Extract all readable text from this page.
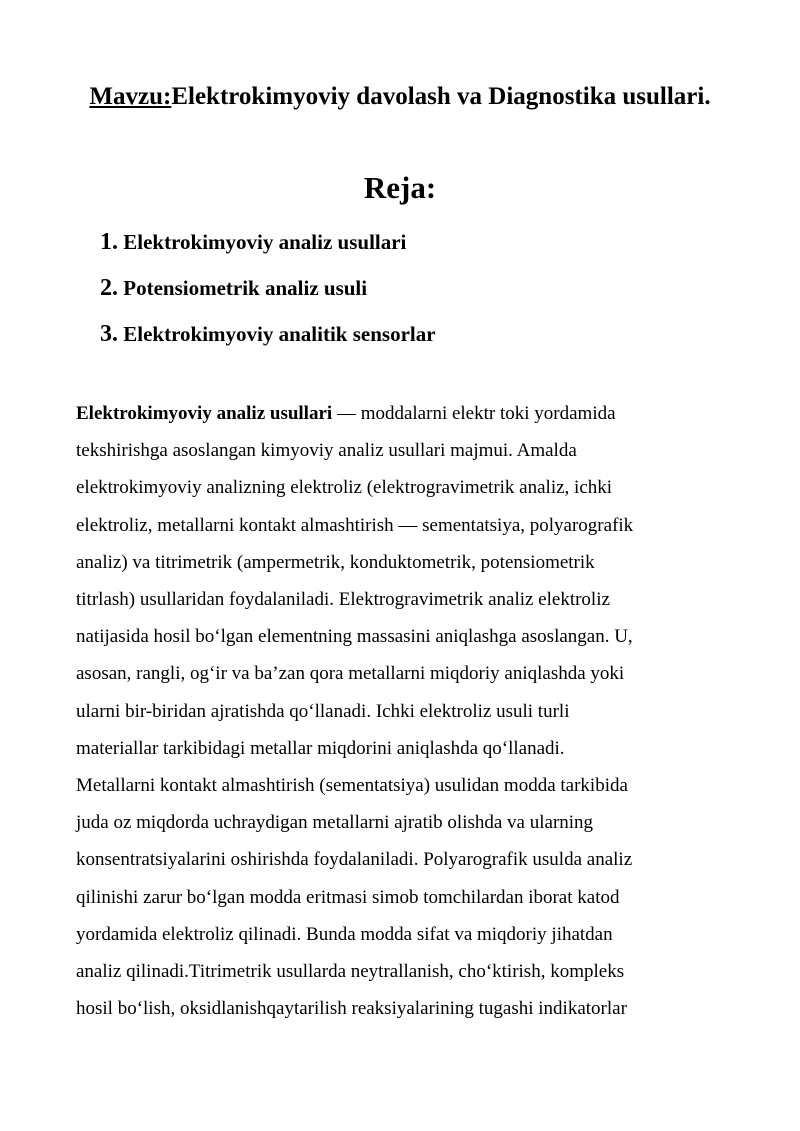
Mavzu:Elektrokimyoviy davolash va Diagnostika usullari.
Reja:
1. Elektrokimyoviy analiz usullari
2. Potensiometrik analiz usuli
3. Elektrokimyoviy analitik sensorlar
Elektrokimyoviy analiz usullari — moddalarni elektr toki yordamida
tekshirishga asoslangan kimyoviy analiz usullari majmui. Amalda
elektrokimyoviy analizning elektroliz (elektrogravimetrik analiz, ichki
elektroliz, metallarni kontakt almashtirish — sementatsiya, polyarografik
analiz) va titrimetrik (ampermetrik, konduktometrik, potensiometrik
titrlash) usullaridan foydalaniladi. Elektrogravimetrik analiz elektroliz
natijasida hosil bo‘lgan elementning massasini aniqlashga asoslangan. U,
asosan, rangli, og‘ir va ba’zan qora metallarni miqdoriy aniqlashda yoki
ularni bir-biridan ajratishda qo‘llanadi. Ichki elektroliz usuli turli
materiallar tarkibidagi metallar miqdorini aniqlashda qo‘llanadi.
Metallarni kontakt almashtirish (sementatsiya) usulidan modda tarkibida
juda oz miqdorda uchraydigan metallarni ajratib olishda va ularning
konsentratsiyalarini oshirishda foydalaniladi. Polyarografik usulda analiz
qilinishi zarur bo‘lgan modda eritmasi simob tomchilardan iborat katod
yordamida elektroliz qilinadi. Bunda modda sifat va miqdoriy jihatdan
analiz qilinadi.Titrimetrik usullarda neytrallanish, cho‘ktirish, kompleks
hosil bo‘lish, oksidlanishqaytarilish reaksiyalarining tugashi indikatorlar
